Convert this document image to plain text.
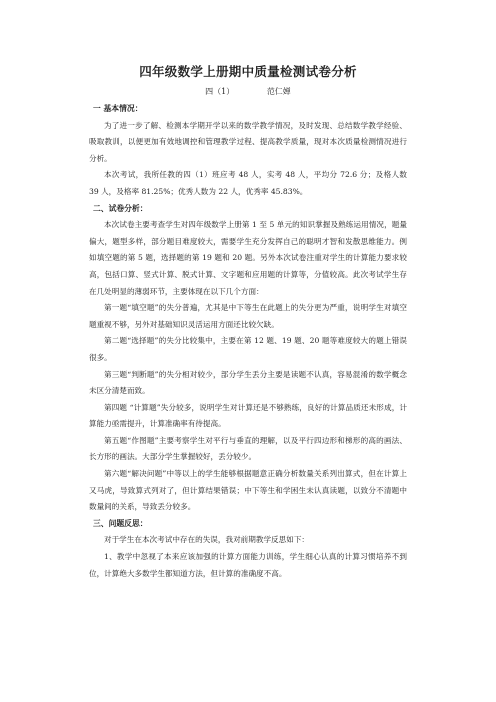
四年级数学上册期中质量检测试卷分析
四（1）	范仁婵

一 基本情况：

为了进一步了解、检测本学期开学以来的数学教学情况，及时发现、总结数学教学经验、吸取教训，以便更加有效地调控和管理教学过程、提高教学质量，现对本次质量检测情况进行分析。

本次考试，我所任教的四（1）班应考 48 人，实考 48 人，平均分 72.6 分；及格人数 39 人，及格率 81.25%；优秀人数为 22 人，优秀率 45.83%。

二、试卷分析：

本次试卷主要考查学生对四年级数学上册第 1 至 5 单元的知识掌握及熟练运用情况，题量偏大，题型多样，部分题目难度较大，需要学生充分发挥自己的聪明才智和发散思维能力。例如填空题的第 5 题，选择题的第 19 题和 20 题。另外本次试卷注重对学生的计算能力要求较高，包括口算、竖式计算、脱式计算、文字题和应用题的计算等，分值较高。此次考试学生存在几处明显的薄弱环节，主要体现在以下几个方面：

第一题“填空题”的失分普遍，尤其是中下等生在此题上的失分更为严重，说明学生对填空题重视不够，另外对基础知识灵活运用方面还比较欠缺。

第二题“选择题”的失分比较集中，主要在第 12 题、19 题、20 题等难度较大的题上错误很多。

第三题“判断题”的失分相对较少，部分学生丢分主要是读题不认真，容易混淆的数学概念未区分清楚而致。

第四题 “计算题”失分较多，说明学生对计算还是不够熟练，良好的计算品质还未形成，计算能力亟需提升，计算准确率有待提高。

第五题“作图题”主要考察学生对平行与垂直的理解，以及平行四边形和梯形的高的画法、长方形的画法。大部分学生掌握较好，丢分较少。

第六题“解决问题”中等以上的学生能够根据题意正确分析数量关系列出算式，但在计算上又马虎，导致算式列对了，但计算结果错误；中下等生和学困生未认真读题，以致分不清题中数量间的关系，导致丢分较多。

三、问题反思：

对于学生在本次考试中存在的失误，我对前期教学反思如下：

1、教学中忽视了本来应该加强的计算方面能力训练，学生细心认真的计算习惯培养不到位，计算绝大多数学生都知道方法，但计算的准确度不高。
